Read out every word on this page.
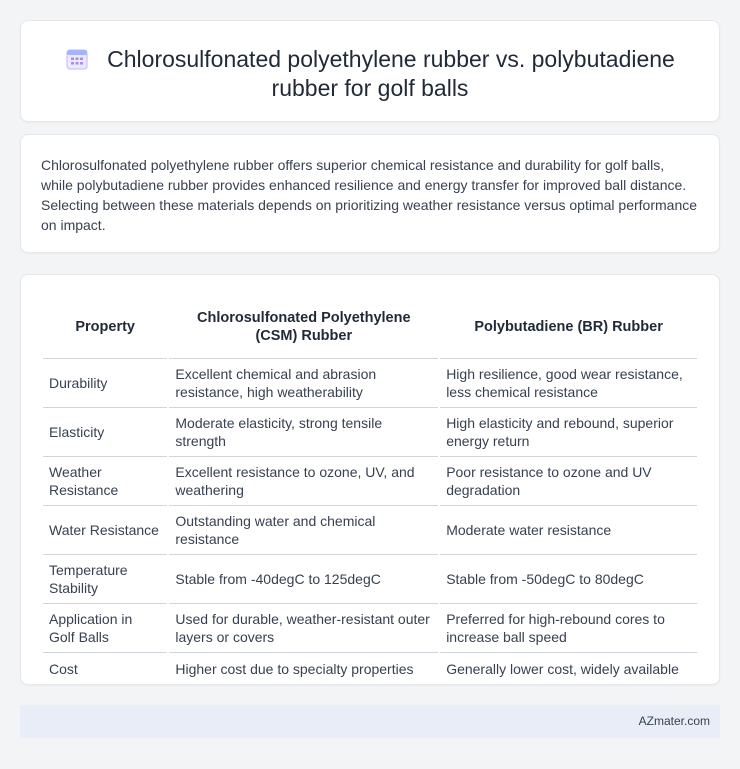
Chlorosulfonated polyethylene rubber vs. polybutadiene rubber for golf balls

Chlorosulfonated polyethylene rubber offers superior chemical resistance and durability for golf balls, while polybutadiene rubber provides enhanced resilience and energy transfer for improved ball distance. Selecting between these materials depends on prioritizing weather resistance versus optimal performance on impact.

Property	Chlorosulfonated Polyethylene (CSM) Rubber	Polybutadiene (BR) Rubber
Durability	Excellent chemical and abrasion resistance, high weatherability	High resilience, good wear resistance, less chemical resistance
Elasticity	Moderate elasticity, strong tensile strength	High elasticity and rebound, superior energy return
Weather Resistance	Excellent resistance to ozone, UV, and weathering	Poor resistance to ozone and UV degradation
Water Resistance	Outstanding water and chemical resistance	Moderate water resistance
Temperature Stability	Stable from -40degC to 125degC	Stable from -50degC to 80degC
Application in Golf Balls	Used for durable, weather-resistant outer layers or covers	Preferred for high-rebound cores to increase ball speed
Cost	Higher cost due to specialty properties	Generally lower cost, widely available
AZmater.com
